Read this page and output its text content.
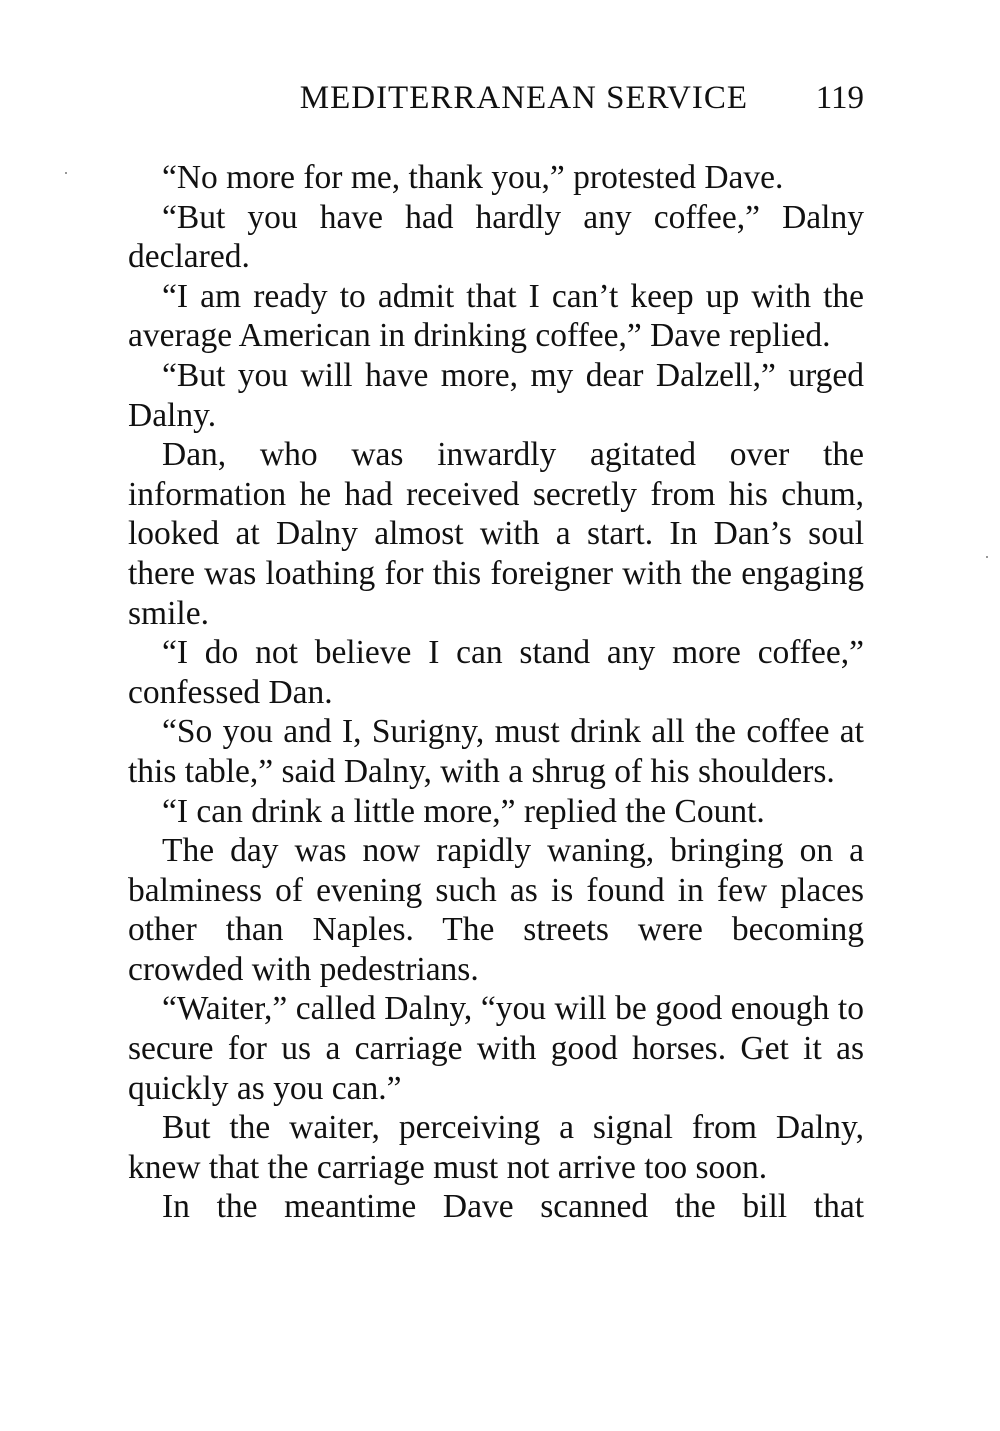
MEDITERRANEAN SERVICE 119

“No more for me, thank you,” protested Dave.

“But you have had hardly any coffee,” Dalny declared.

“I am ready to admit that I can’t keep up with the average American in drinking coffee,” Dave replied.

“But you will have more, my dear Dalzell,” urged Dalny.

Dan, who was inwardly agitated over the information he had received secretly from his chum, looked at Dalny almost with a start. In Dan’s soul there was loathing for this foreigner with the engaging smile.

“I do not believe I can stand any more coffee,” confessed Dan.

“So you and I, Surigny, must drink all the coffee at this table,” said Dalny, with a shrug of his shoulders.

“I can drink a little more,” replied the Count.

The day was now rapidly waning, bringing on a balminess of evening such as is found in few places other than Naples. The streets were becoming crowded with pedestrians.

“Waiter,” called Dalny, “you will be good enough to secure for us a carriage with good horses. Get it as quickly as you can.”

But the waiter, perceiving a signal from Dalny, knew that the carriage must not arrive too soon.

In the meantime Dave scanned the bill that
